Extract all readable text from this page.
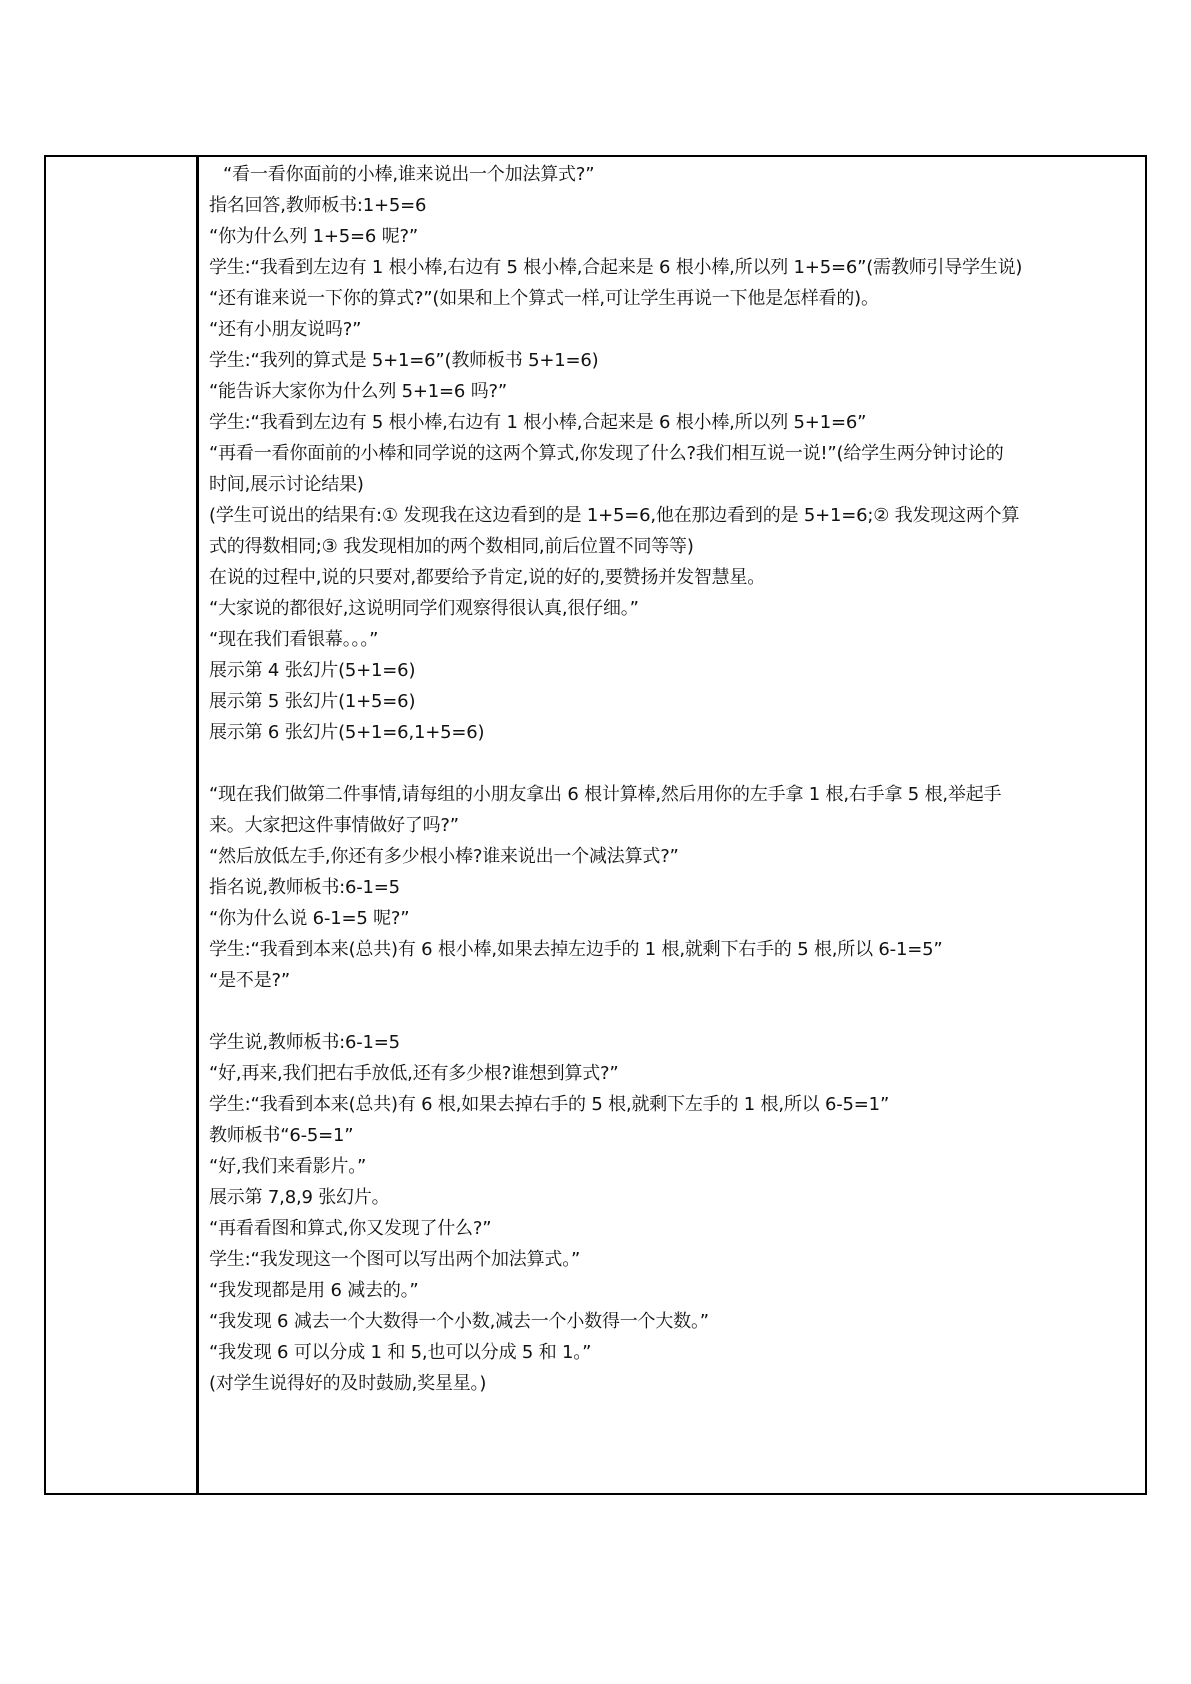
“看一看你面前的小棒,谁来说出一个加法算式?”
指名回答,教师板书:1+5=6
“你为什么列 1+5=6 呢?”
学生:“我看到左边有 1 根小棒,右边有 5 根小棒,合起来是 6 根小棒,所以列 1+5=6”(需教师引导学生说)
“还有谁来说一下你的算式?”(如果和上个算式一样,可让学生再说一下他是怎样看的)。
“还有小朋友说吗?”
学生:“我列的算式是 5+1=6”(教师板书 5+1=6)
“能告诉大家你为什么列 5+1=6 吗?”
学生:“我看到左边有 5 根小棒,右边有 1 根小棒,合起来是 6 根小棒,所以列 5+1=6”
“再看一看你面前的小棒和同学说的这两个算式,你发现了什么?我们相互说一说!”(给学生两分钟讨论的
时间,展示讨论结果)
(学生可说出的结果有:① 发现我在这边看到的是 1+5=6,他在那边看到的是 5+1=6;② 我发现这两个算
式的得数相同;③ 我发现相加的两个数相同,前后位置不同等等)
在说的过程中,说的只要对,都要给予肯定,说的好的,要赞扬并发智慧星。
“大家说的都很好,这说明同学们观察得很认真,很仔细。”
“现在我们看银幕。。。”
展示第 4 张幻片(5+1=6)
展示第 5 张幻片(1+5=6)
展示第 6 张幻片(5+1=6,1+5=6)
“现在我们做第二件事情,请每组的小朋友拿出 6 根计算棒,然后用你的左手拿 1 根,右手拿 5 根,举起手
来。大家把这件事情做好了吗?”
“然后放低左手,你还有多少根小棒?谁来说出一个减法算式?”
指名说,教师板书:6-1=5
“你为什么说 6-1=5 呢?”
学生:“我看到本来(总共)有 6 根小棒,如果去掉左边手的 1 根,就剩下右手的 5 根,所以 6-1=5”
“是不是?”
学生说,教师板书:6-1=5
“好,再来,我们把右手放低,还有多少根?谁想到算式?”
学生:“我看到本来(总共)有 6 根,如果去掉右手的 5 根,就剩下左手的 1 根,所以 6-5=1”
教师板书“6-5=1”
“好,我们来看影片。”
展示第 7,8,9 张幻片。
“再看看图和算式,你又发现了什么?”
学生:“我发现这一个图可以写出两个加法算式。”
“我发现都是用 6 减去的。”
“我发现 6 减去一个大数得一个小数,减去一个小数得一个大数。”
“我发现 6 可以分成 1 和 5,也可以分成 5 和 1。”
(对学生说得好的及时鼓励,奖星星。)
